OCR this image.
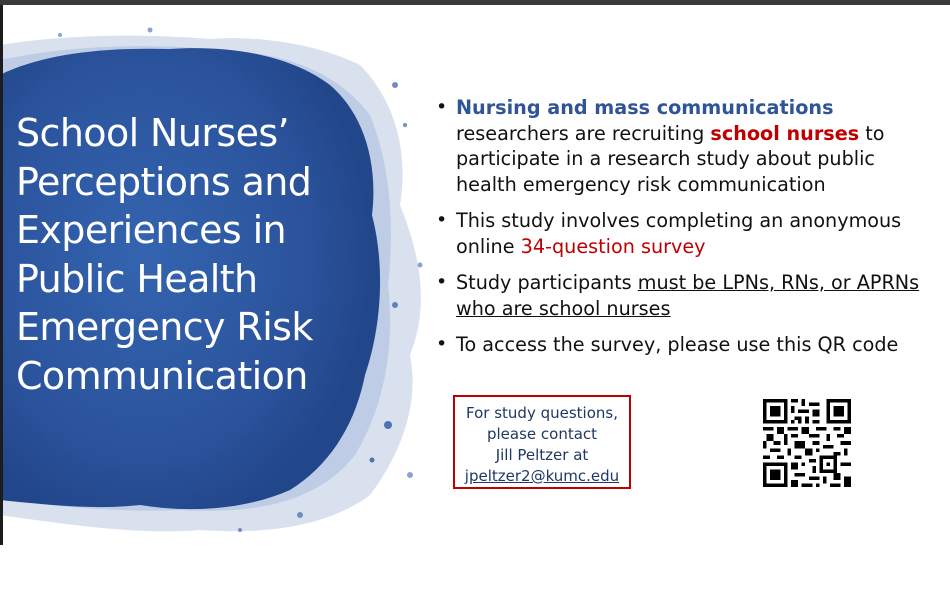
School Nurses’ Perceptions and Experiences in Public Health Emergency Risk Communication
• Nursing and mass communications researchers are recruiting school nurses to participate in a research study about public health emergency risk communication
• This study involves completing an anonymous online 34-question survey
• Study participants must be LPNs, RNs, or APRNs who are school nurses
• To access the survey, please use this QR code
For study questions,
please contact
Jill Peltzer at
jpeltzer2@kumc.edu
